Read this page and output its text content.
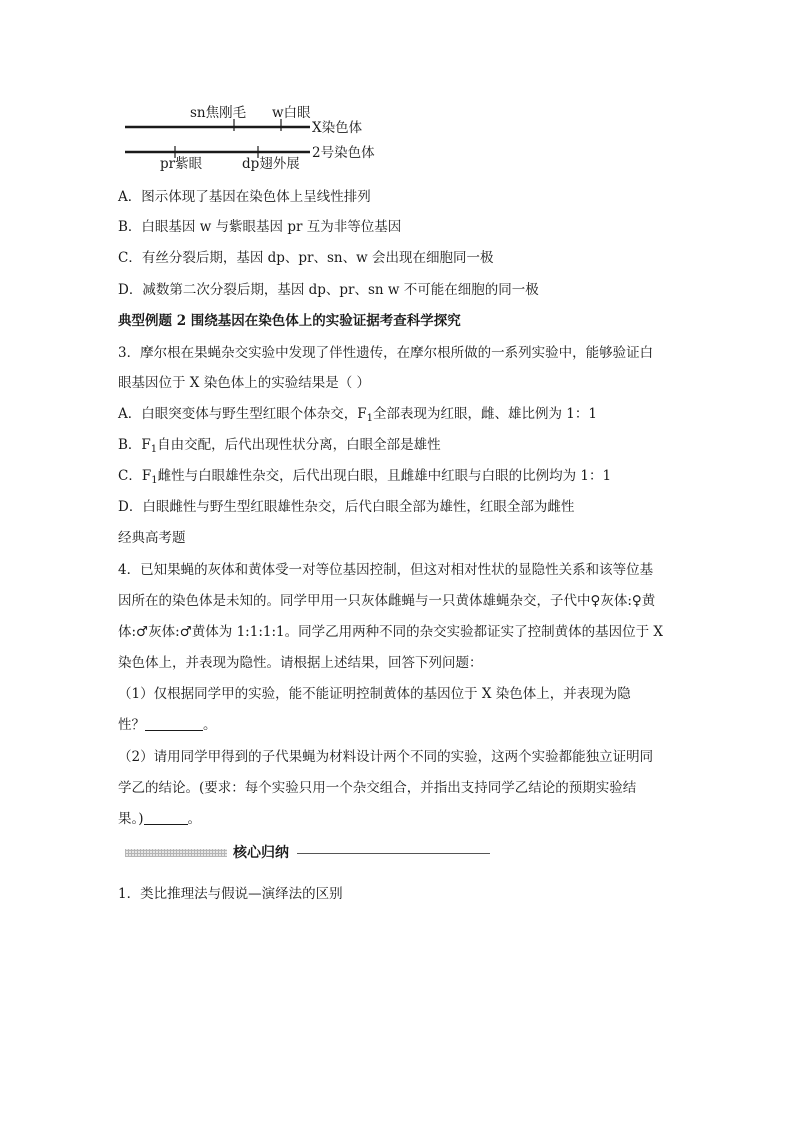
sn焦刚毛 w白眼
X染色体
2号染色体
pr紫眼	dp翅外展
A．图示体现了基因在染色体上呈线性排列
B．白眼基因 w 与紫眼基因 pr 互为非等位基因
C．有丝分裂后期，基因 dp、pr、sn、w 会出现在细胞同一极
D．减数第二次分裂后期，基因 dp、pr、sn w 不可能在细胞的同一极
典型例题 2 围绕基因在染色体上的实验证据考查科学探究
3．摩尔根在果蝇杂交实验中发现了伴性遗传，在摩尔根所做的一系列实验中，能够验证白
眼基因位于 X 染色体上的实验结果是（ ）
A．白眼突变体与野生型红眼个体杂交，$F_1$全部表现为红眼，雌、雄比例为 1：1
B．$F_1$自由交配，后代出现性状分离，白眼全部是雄性
C．$F_1$雌性与白眼雄性杂交，后代出现白眼，且雌雄中红眼与白眼的比例均为 1：1
D．白眼雌性与野生型红眼雄性杂交，后代白眼全部为雄性，红眼全部为雌性
经典高考题
4．已知果蝇的灰体和黄体受一对等位基因控制，但这对相对性状的显隐性关系和该等位基
因所在的染色体是未知的。同学甲用一只灰体雌蝇与一只黄体雄蝇杂交，子代中♀灰体:♀黄
体:♂灰体:♂黄体为 1:1:1:1。同学乙用两种不同的杂交实验都证实了控制黄体的基因位于 X
染色体上，并表现为隐性。请根据上述结果，回答下列问题：
（1）仅根据同学甲的实验，能不能证明控制黄体的基因位于 X 染色体上，并表现为隐
性？	。
（2）请用同学甲得到的子代果蝇为材料设计两个不同的实验，这两个实验都能独立证明同
学乙的结论。(要求：每个实验只用一个杂交组合，并指出支持同学乙结论的预期实验结
果。)	。
核心归纳
1．类比推理法与假说—演绎法的区别
